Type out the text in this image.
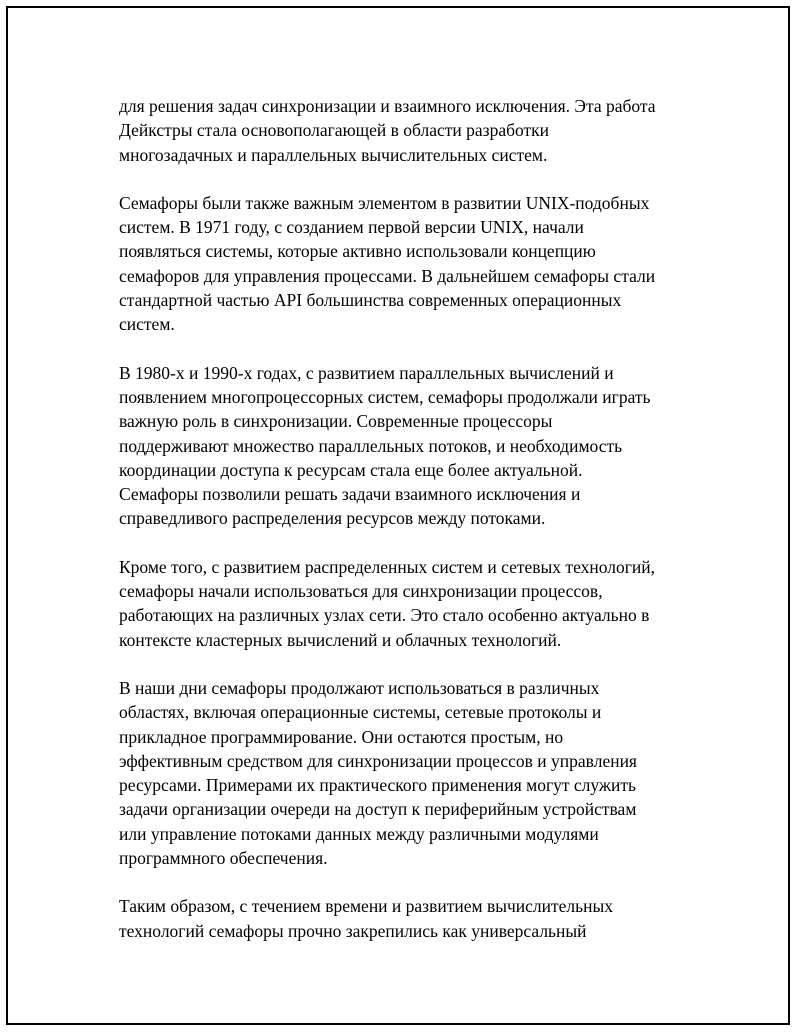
для решения задач синхронизации и взаимного исключения. Эта работа
Дейкстры стала основополагающей в области разработки
многозадачных и параллельных вычислительных систем.

Семафоры были также важным элементом в развитии UNIX-подобных
систем. В 1971 году, с созданием первой версии UNIX, начали
появляться системы, которые активно использовали концепцию
семафоров для управления процессами. В дальнейшем семафоры стали
стандартной частью API большинства современных операционных
систем.

В 1980-х и 1990-х годах, с развитием параллельных вычислений и
появлением многопроцессорных систем, семафоры продолжали играть
важную роль в синхронизации. Современные процессоры
поддерживают множество параллельных потоков, и необходимость
координации доступа к ресурсам стала еще более актуальной.
Семафоры позволили решать задачи взаимного исключения и
справедливого распределения ресурсов между потоками.

Кроме того, с развитием распределенных систем и сетевых технологий,
семафоры начали использоваться для синхронизации процессов,
работающих на различных узлах сети. Это стало особенно актуально в
контексте кластерных вычислений и облачных технологий.

В наши дни семафоры продолжают использоваться в различных
областях, включая операционные системы, сетевые протоколы и
прикладное программирование. Они остаются простым, но
эффективным средством для синхронизации процессов и управления
ресурсами. Примерами их практического применения могут служить
задачи организации очереди на доступ к периферийным устройствам
или управление потоками данных между различными модулями
программного обеспечения.

Таким образом, с течением времени и развитием вычислительных
технологий семафоры прочно закрепились как универсальный
